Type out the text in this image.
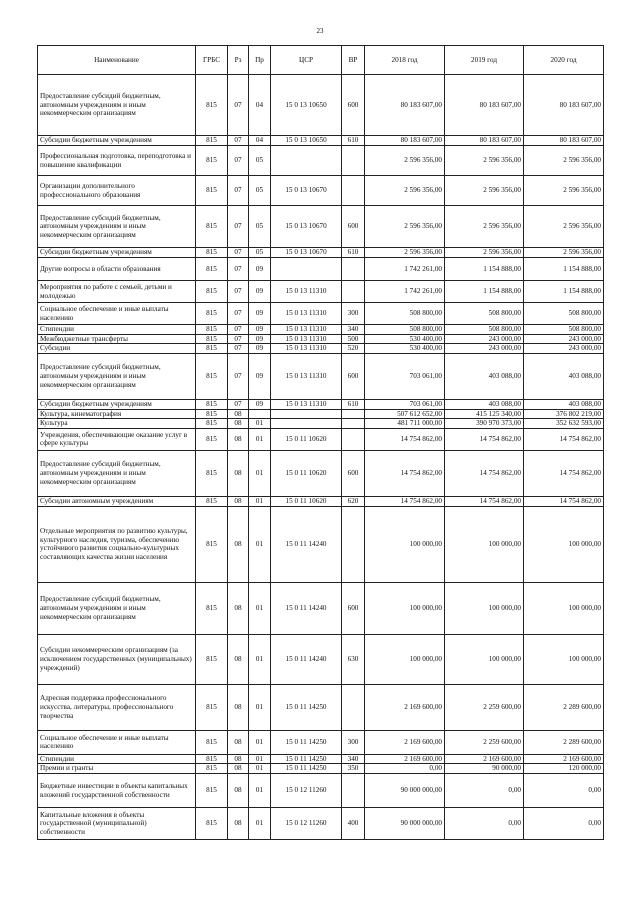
23
Наименование	ГРБС	Рз	Пр	ЦСР	ВР	2018 год	2019 год	2020 год
Предоставление субсидий бюджетным, автономным учреждениям и иным некоммерческим организациям	815	07	04	15 0 13 10650	600	80 183 607,00	80 183 607,00	80 183 607,00
Субсидии бюджетным учреждениям	815	07	04	15 0 13 10650	610	80 183 607,00	80 183 607,00	80 183 607,00
Профессиональная подготовка, переподготовка и повышение квалификации	815	07	05			2 596 356,00	2 596 356,00	2 596 356,00
Организации дополнительного профессионального образования	815	07	05	15 0 13 10670		2 596 356,00	2 596 356,00	2 596 356,00
Предоставление субсидий бюджетным, автономным учреждениям и иным некоммерческим организациям	815	07	05	15 0 13 10670	600	2 596 356,00	2 596 356,00	2 596 356,00
Субсидии бюджетным учреждениям	815	07	05	15 0 13 10670	610	2 596 356,00	2 596 356,00	2 596 356,00
Другие вопросы в области образования	815	07	09			1 742 261,00	1 154 888,00	1 154 888,00
Мероприятия по работе с семьей, детьми и молодежью	815	07	09	15 0 13 11310		1 742 261,00	1 154 888,00	1 154 888,00
Социальное обеспечение и иные выплаты населению	815	07	09	15 0 13 11310	300	508 800,00	508 800,00	508 800,00
Стипендии	815	07	09	15 0 13 11310	340	508 800,00	508 800,00	508 800,00
Межбюджетные трансферты	815	07	09	15 0 13 11310	500	530 400,00	243 000,00	243 000,00
Субсидии	815	07	09	15 0 13 11310	520	530 400,00	243 000,00	243 000,00
Предоставление субсидий бюджетным, автономным учреждениям и иным некоммерческим организациям	815	07	09	15 0 13 11310	600	703 061,00	403 088,00	403 088,00
Субсидии бюджетным учреждениям	815	07	09	15 0 13 11310	610	703 061,00	403 088,00	403 088,00
Культура, кинематография	815	08				507 612 652,00	415 125 340,00	376 802 219,00
Культура	815	08	01			481 711 000,00	390 970 373,00	352 632 593,00
Учреждения, обеспечивающие оказание услуг в сфере культуры	815	08	01	15 0 11 10620		14 754 862,00	14 754 862,00	14 754 862,00
Предоставление субсидий бюджетным, автономным учреждениям и иным некоммерческим организациям	815	08	01	15 0 11 10620	600	14 754 862,00	14 754 862,00	14 754 862,00
Субсидии автономным учреждениям	815	08	01	15 0 11 10620	620	14 754 862,00	14 754 862,00	14 754 862,00
Отдельные мероприятия по развитию культуры, культурного наследия, туризма, обеспечению устойчивого развития социально-культурных составляющих качества жизни населения	815	08	01	15 0 11 14240		100 000,00	100 000,00	100 000,00
Предоставление субсидий бюджетным, автономным учреждениям и иным некоммерческим организациям	815	08	01	15 0 11 14240	600	100 000,00	100 000,00	100 000,00
Субсидии некоммерческим организациям (за исключением государственных (муниципальных) учреждений)	815	08	01	15 0 11 14240	630	100 000,00	100 000,00	100 000,00
Адресная поддержка профессионального искусства, литературы, профессионального творчества	815	08	01	15 0 11 14250		2 169 600,00	2 259 600,00	2 289 600,00
Социальное обеспечение и иные выплаты населению	815	08	01	15 0 11 14250	300	2 169 600,00	2 259 600,00	2 289 600,00
Стипендии	815	08	01	15 0 11 14250	340	2 169 600,00	2 169 600,00	2 169 600,00
Премии и гранты	815	08	01	15 0 11 14250	350	0,00	90 000,00	120 000,00
Бюджетные инвестиции в объекты капитальных вложений государственной собственности	815	08	01	15 0 12 11260		90 000 000,00	0,00	0,00
Капитальные вложения в объекты государственной (муниципальной) собственности	815	08	01	15 0 12 11260	400	90 000 000,00	0,00	0,00
